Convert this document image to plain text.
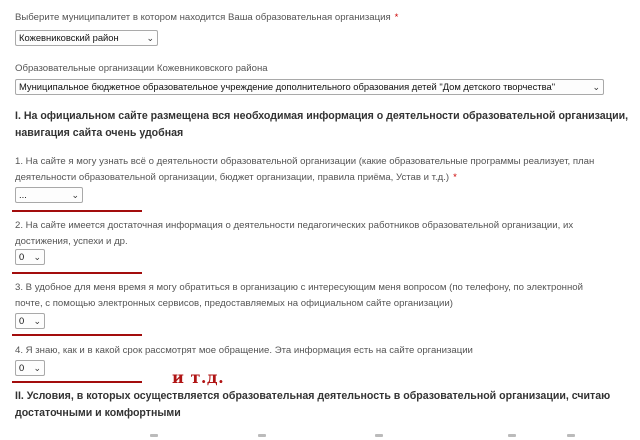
Выберите муниципалитет в котором находится Ваша образовательная организация *
Кожевниковский район	⌄
Образовательные организации Кожевниковского района
Муниципальное бюджетное образовательное учреждение дополнительного образования детей "Дом детского творчества"	⌄
I. На официальном сайте размещена вся необходимая информация о деятельности образовательной организации,
навигация сайта очень удобная
1. На сайте я могу узнать всё о деятельности образовательной организации (какие образовательные программы реализует, план
деятельности образовательной организации, бюджет организации, правила приёма, Устав и т.д.) *
...	⌄
2. На сайте имеется достаточная информация о деятельности педагогических работников образовательной организации, их
достижения, успехи и др.
0 ⌄
3. В удобное для меня время я могу обратиться в организацию с интересующим меня вопросом (по телефону, по электронной
почте, с помощью электронных сервисов, предоставляемых на официальном сайте организации)
0 ⌄
4. Я знаю, как и в какой срок рассмотрят мое обращение. Эта информация есть на сайте организации
0 ⌄	и т.д.
II. Условия, в которых осуществляется образовательная деятельность в образовательной организации, считаю
достаточными и комфортными
